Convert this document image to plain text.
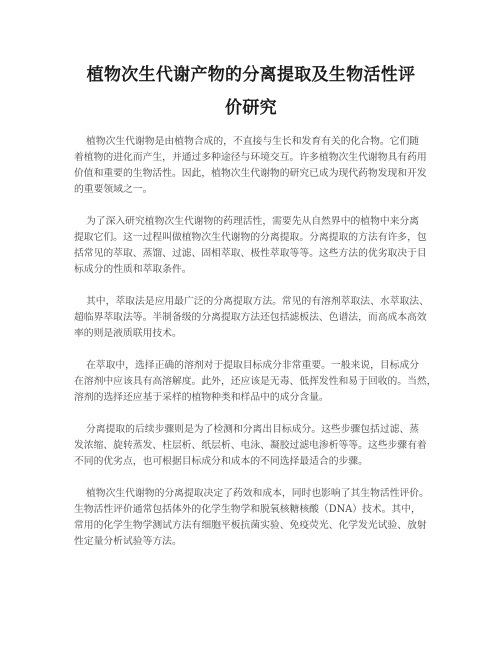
植物次生代谢产物的分离提取及生物活性评
价研究
植物次生代谢物是由植物合成的，不直接与生长和发育有关的化合物。它们随
着植物的进化而产生，并通过多种途径与环境交互。许多植物次生代谢物具有药用
价值和重要的生物活性。因此，植物次生代谢物的研究已成为现代药物发现和开发
的重要领域之一。
为了深入研究植物次生代谢物的药理活性，需要先从自然界中的植物中来分离
提取它们。这一过程叫做植物次生代谢物的分离提取。分离提取的方法有许多，包
括常见的萃取、蒸馏、过滤、固相萃取、极性萃取等等。这些方法的优劣取决于目
标成分的性质和萃取条件。
其中，萃取法是应用最广泛的分离提取方法。常见的有溶剂萃取法、水萃取法、
超临界萃取法等。半制备级的分离提取方法还包括滤板法、色谱法，而高成本高效
率的则是液质联用技术。
在萃取中，选择正确的溶剂对于提取目标成分非常重要。一般来说，目标成分
在溶剂中应该具有高溶解度。此外，还应该是无毒、低挥发性和易于回收的。当然，
溶剂的选择还应基于采样的植物种类和样品中的成分含量。
分离提取的后续步骤则是为了检测和分离出目标成分。这些步骤包括过滤、蒸
发浓缩、旋转蒸发、柱层析、纸层析、电泳、凝胶过滤电渗析等等。这些步骤有着
不同的优劣点，也可根据目标成分和成本的不同选择最适合的步骤。
植物次生代谢物的分离提取决定了药效和成本，同时也影响了其生物活性评价。
生物活性评价通常包括体外的化学生物学和脱氧核糖核酸（DNA）技术。其中，
常用的化学生物学测试方法有细胞平板抗菌实验、免疫荧光、化学发光试验、放射
性定量分析试验等方法。
